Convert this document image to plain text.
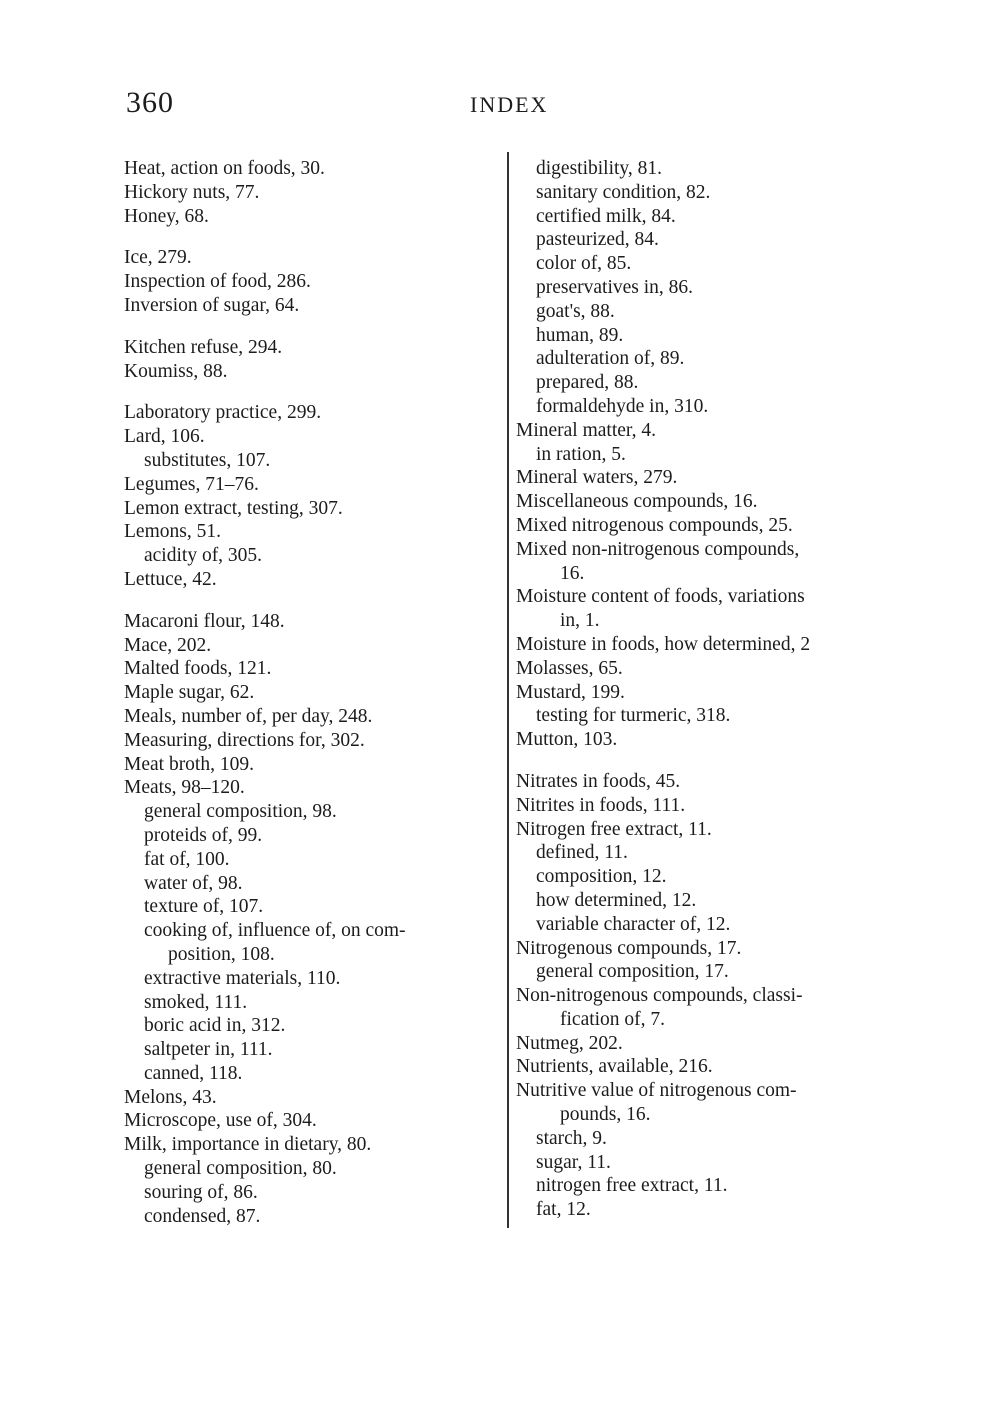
360	INDEX
Heat, action on foods, 30.
Hickory nuts, 77.
Honey, 68.
Ice, 279.
Inspection of food, 286.
Inversion of sugar, 64.
Kitchen refuse, 294.
Koumiss, 88.
Laboratory practice, 299.
Lard, 106.
substitutes, 107.
Legumes, 71–76.
Lemon extract, testing, 307.
Lemons, 51.
acidity of, 305.
Lettuce, 42.
Macaroni flour, 148.
Mace, 202.
Malted foods, 121.
Maple sugar, 62.
Meals, number of, per day, 248.
Measuring, directions for, 302.
Meat broth, 109.
Meats, 98–120.
general composition, 98.
proteids of, 99.
fat of, 100.
water of, 98.
texture of, 107.
cooking of, influence of, on com-
position, 108.
extractive materials, 110.
smoked, 111.
boric acid in, 312.
saltpeter in, 111.
canned, 118.
Melons, 43.
Microscope, use of, 304.
Milk, importance in dietary, 80.
general composition, 80.
souring of, 86.
condensed, 87.
digestibility, 81.
sanitary condition, 82.
certified milk, 84.
pasteurized, 84.
color of, 85.
preservatives in, 86.
goat's, 88.
human, 89.
adulteration of, 89.
prepared, 88.
formaldehyde in, 310.
Mineral matter, 4.
in ration, 5.
Mineral waters, 279.
Miscellaneous compounds, 16.
Mixed nitrogenous compounds, 25.
Mixed non-nitrogenous compounds,
16.
Moisture content of foods, variations
in, 1.
Moisture in foods, how determined, 2
Molasses, 65.
Mustard, 199.
testing for turmeric, 318.
Mutton, 103.
Nitrates in foods, 45.
Nitrites in foods, 111.
Nitrogen free extract, 11.
defined, 11.
composition, 12.
how determined, 12.
variable character of, 12.
Nitrogenous compounds, 17.
general composition, 17.
Non-nitrogenous compounds, classi-
fication of, 7.
Nutmeg, 202.
Nutrients, available, 216.
Nutritive value of nitrogenous com-
pounds, 16.
starch, 9.
sugar, 11.
nitrogen free extract, 11.
fat, 12.
